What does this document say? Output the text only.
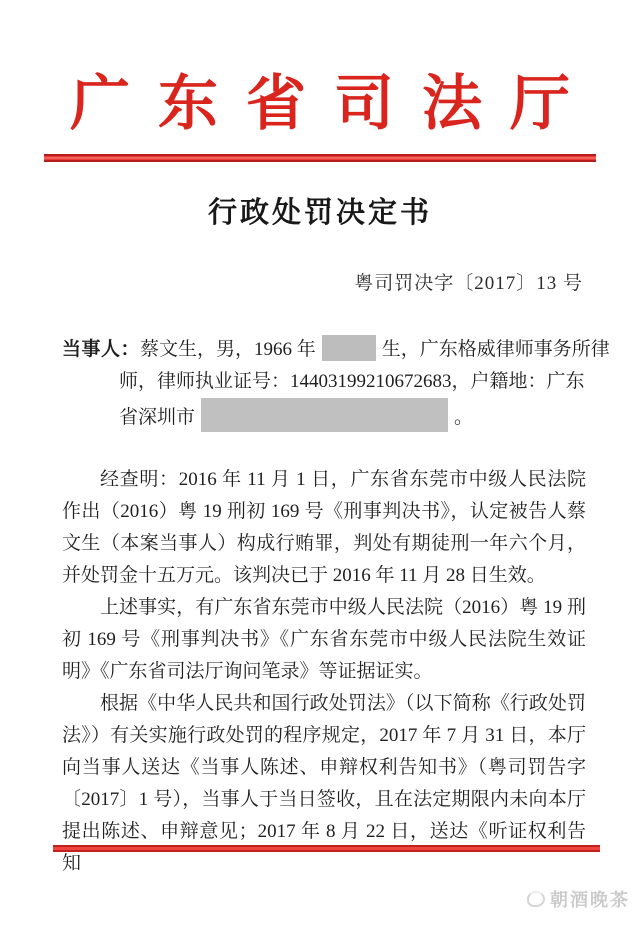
广东省司法厅
行政处罚决定书
粤司罚决字〔2017〕13 号
当事人：蔡文生，男，1966 年	生，广东格威律师事务所律
师，律师执业证号：14403199210672683，户籍地：广东
省深圳市	。

经查明：2016 年 11 月 1 日，广东省东莞市中级人民法院作出（2016）粤 19 刑初 169 号《刑事判决书》，认定被告人蔡文生（本案当事人）构成行贿罪，判处有期徒刑一年六个月，并处罚金十五万元。该判决已于 2016 年 11 月 28 日生效。

上述事实，有广东省东莞市中级人民法院（2016）粤 19 刑初 169 号《刑事判决书》《广东省东莞市中级人民法院生效证明》《广东省司法厅询问笔录》等证据证实。

根据《中华人民共和国行政处罚法》（以下简称《行政处罚法》）有关实施行政处罚的程序规定，2017 年 7 月 31 日，本厅向当事人送达《当事人陈述、申辩权利告知书》（粤司罚告字〔2017〕1 号），当事人于当日签收，且在法定期限内未向本厅提出陈述、申辩意见；2017 年 8 月 22 日，送达《听证权利告知

朝酒晚茶
